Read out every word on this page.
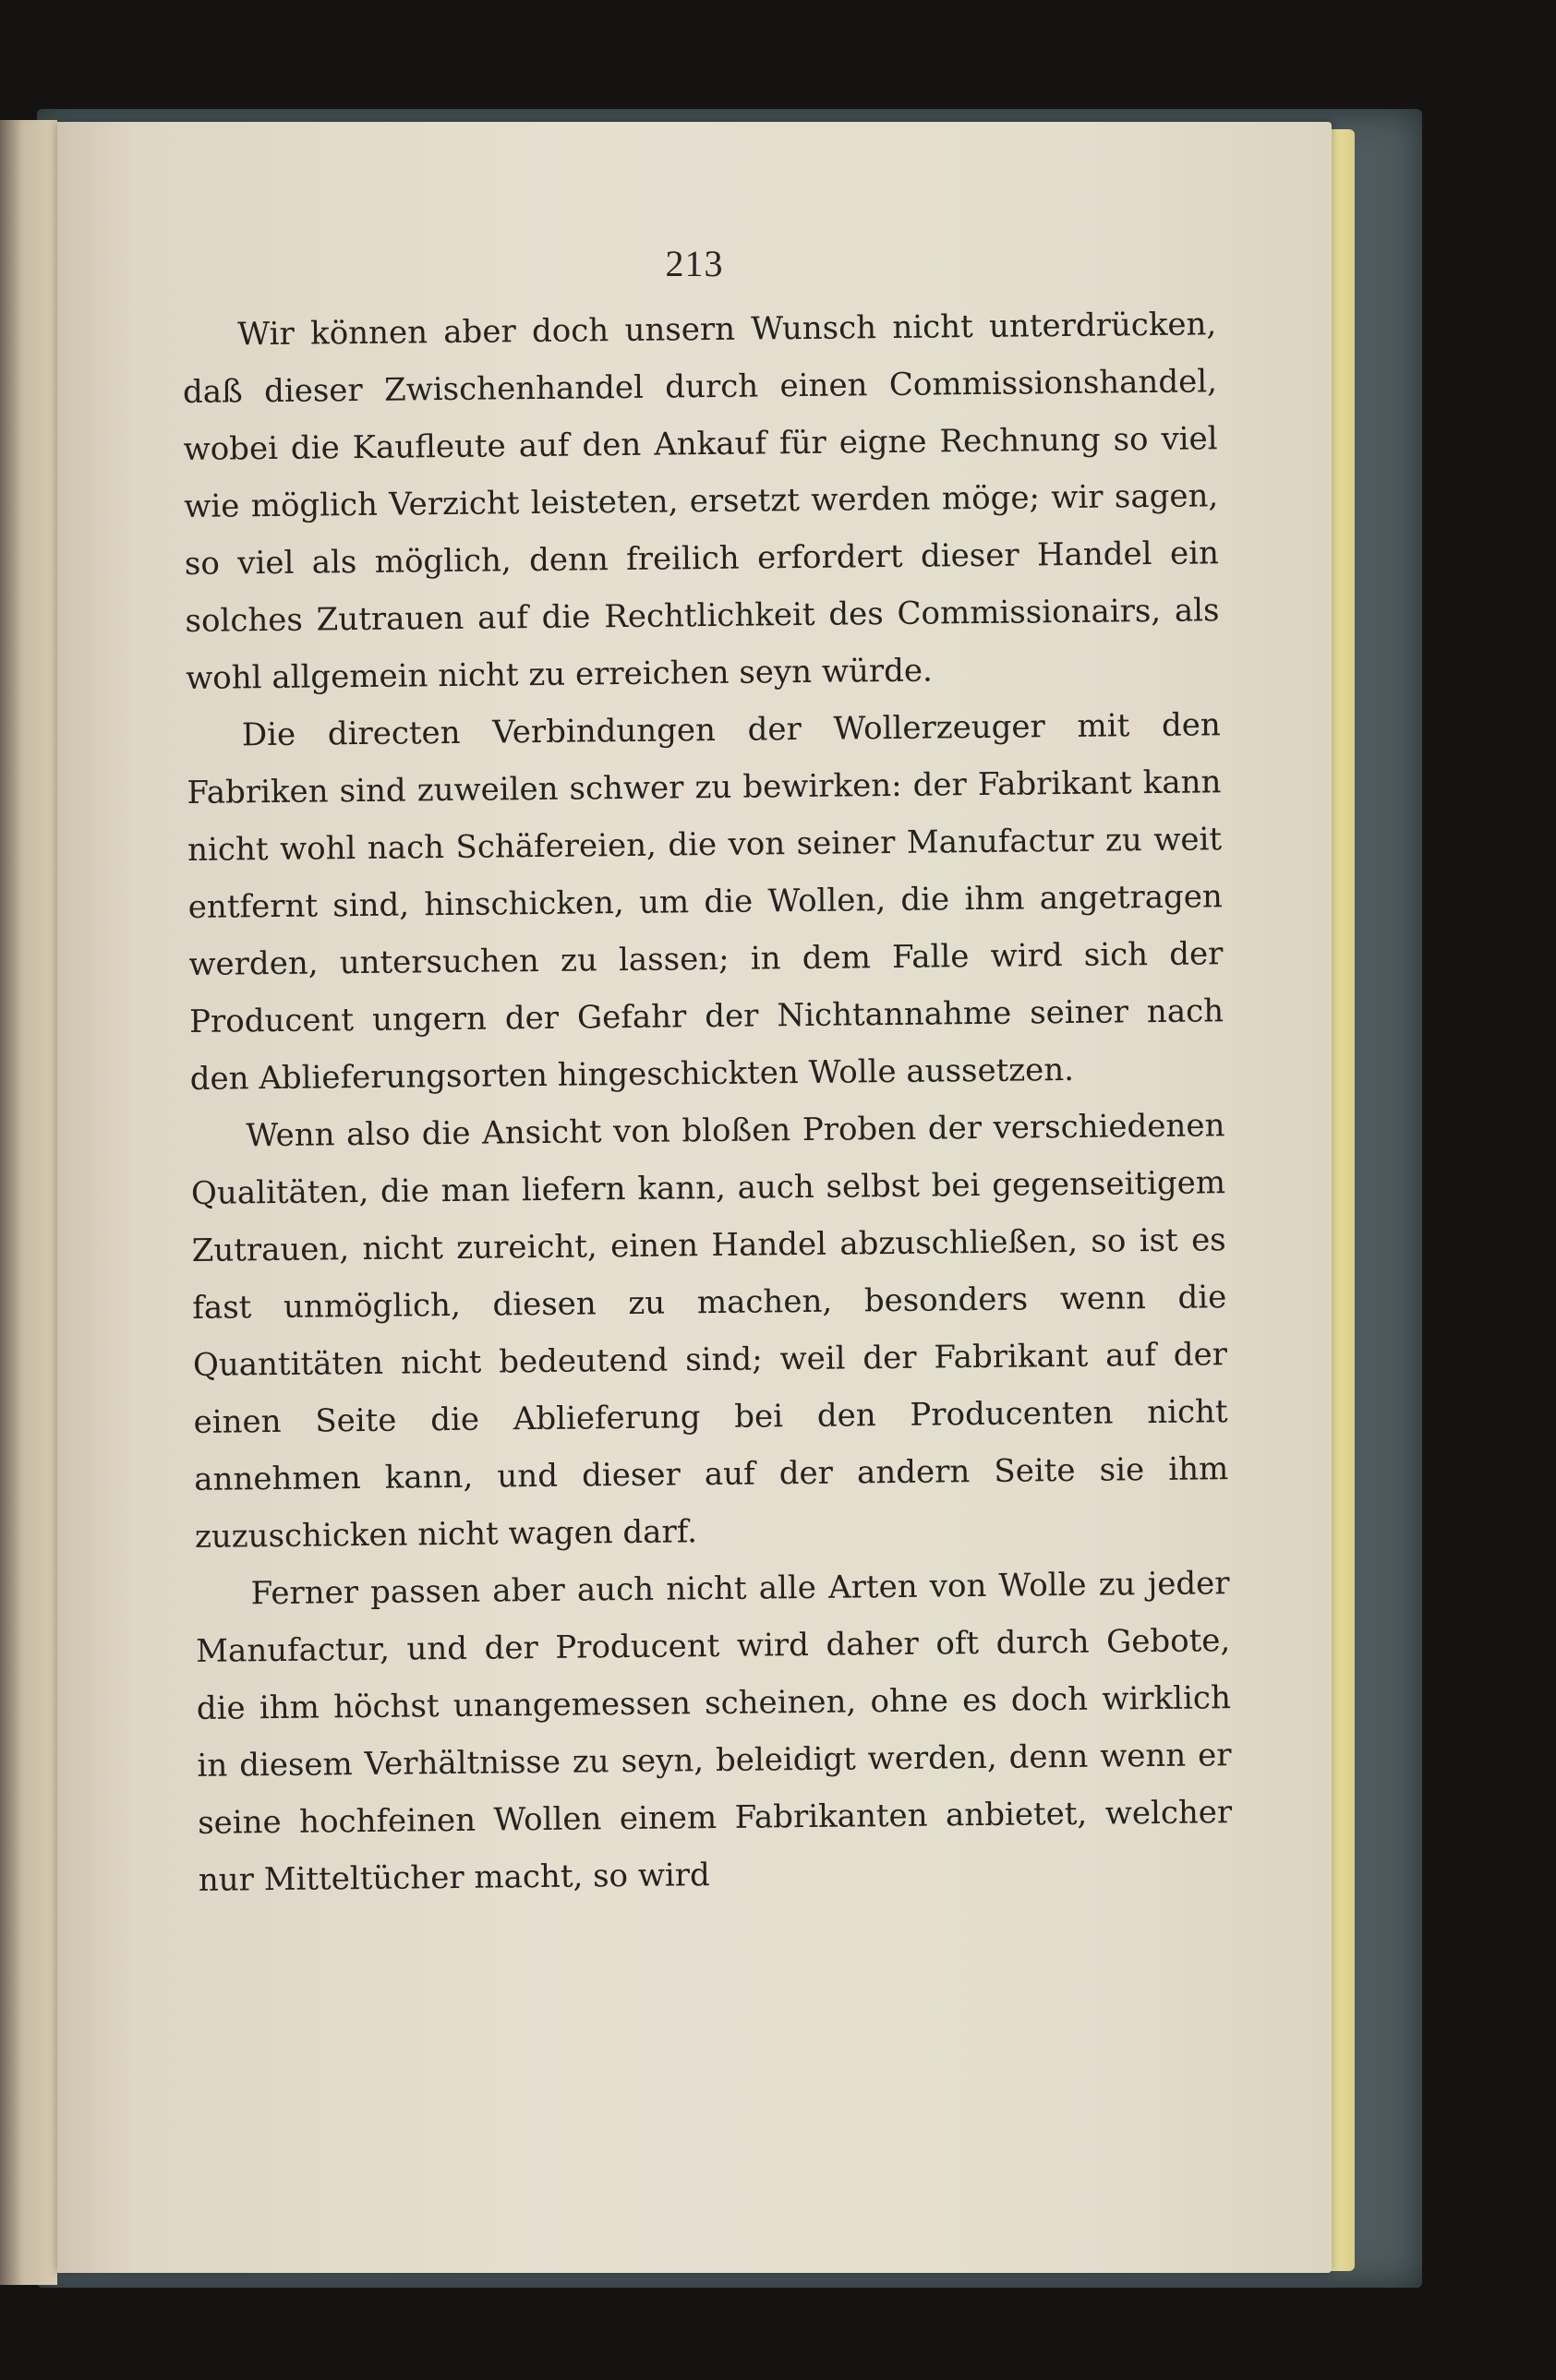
213

Wir können aber doch unsern Wunsch nicht unterdrücken, daß dieser Zwischenhandel durch einen Commissionshandel, wobei die Kaufleute auf den Ankauf für eigne Rechnung so viel wie möglich Verzicht leisteten, ersetzt werden möge; wir sagen, so viel als möglich, denn freilich erfordert dieser Handel ein solches Zutrauen auf die Rechtlichkeit des Commissionairs, als wohl allgemein nicht zu erreichen seyn würde.

Die directen Verbindungen der Wollerzeuger mit den Fabriken sind zuweilen schwer zu bewirken: der Fabrikant kann nicht wohl nach Schäfereien, die von seiner Manufactur zu weit entfernt sind, hinschicken, um die Wollen, die ihm angetragen werden, untersuchen zu lassen; in dem Falle wird sich der Producent ungern der Gefahr der Nichtannahme seiner nach den Ablieferungsorten hingeschickten Wolle aussetzen.

Wenn also die Ansicht von bloßen Proben der verschiedenen Qualitäten, die man liefern kann, auch selbst bei gegenseitigem Zutrauen, nicht zureicht, einen Handel abzuschließen, so ist es fast unmöglich, diesen zu machen, besonders wenn die Quantitäten nicht bedeutend sind; weil der Fabrikant auf der einen Seite die Ablieferung bei den Producenten nicht annehmen kann, und dieser auf der andern Seite sie ihm zuzuschicken nicht wagen darf.

Ferner passen aber auch nicht alle Arten von Wolle zu jeder Manufactur, und der Producent wird daher oft durch Gebote, die ihm höchst unangemessen scheinen, ohne es doch wirklich in diesem Verhältnisse zu seyn, beleidigt werden, denn wenn er seine hochfeinen Wollen einem Fabrikanten anbietet, welcher nur Mitteltücher macht, so wird
